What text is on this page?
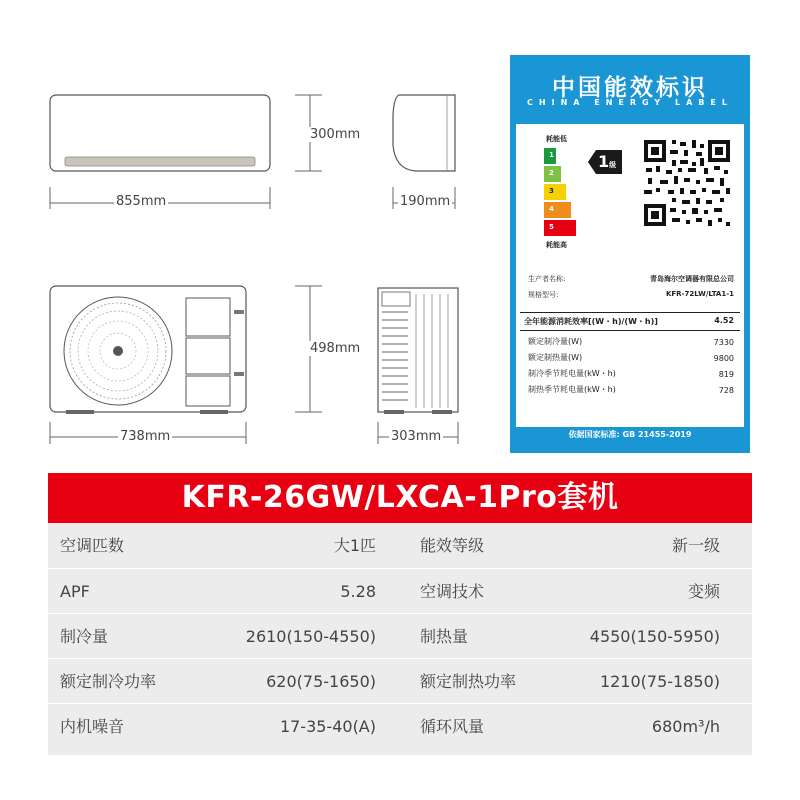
855mm
300mm
190mm
738mm
498mm
303mm
中国能效标识
CHINA ENERGY LABEL
耗能低
1
2
3
4
5
1级
耗能高
生产者名称:	青岛海尔空调器有限总公司
规格型号:	KFR-72LW/LTA1-1
全年能源消耗效率[(W・h)/(W・h)]	4.52
额定制冷量(W)	7330
额定制热量(W)	9800
制冷季节耗电量(kW・h)	819
制热季节耗电量(kW・h)	728
依据国家标准: GB 21455-2019
KFR-26GW/LXCA-1Pro套机
空调匹数	大1匹	能效等级	新一级
APF	5.28	空调技术	变频
制冷量	2610(150-4550)	制热量	4550(150-5950)
额定制冷功率	620(75-1650)	额定制热功率	1210(75-1850)
内机噪音	17-35-40(A)	循环风量	680m³/h
